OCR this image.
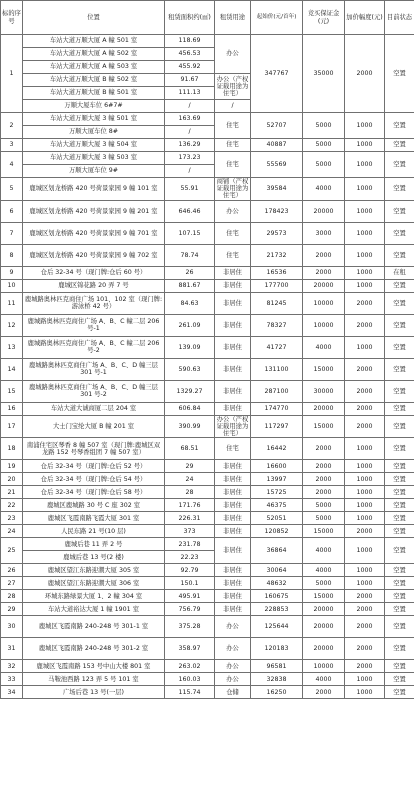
标的序号	位置	租赁面积约(㎡)	租赁用途	起始价(元/首年)	竞买保证金(元)	加价幅度(元)	目前状态
1	车站大道万顺大厦 A 幢 501 室	118.69	办公	347767	35000	2000	空置
	车站大道万顺大厦 A 幢 502 室	456.53					
	车站大道万顺大厦 A 幢 503 室	455.92					
	车站大道万顺大厦 B 幢 502 室	91.67	办公（产权证载用途为住宅）				
	车站大道万顺大厦 B 幢 501 室	111.13					
	万顺大厦车位 6#7#	/	/				
2	车站大道万顺大厦 3 幢 501 室	163.69	住宅	52707	5000	1000	空置
	万顺大厦车位 8#	/					
3	车站大道万顺大厦 3 幢 504 室	136.29	住宅	40887	5000	1000	空置
4	车站大道万顺大厦 3 幢 503 室	173.23	住宅	55569	5000	1000	空置
	万顺大厦车位 9#	/					
5	鹿城区划龙桥路 420 号荷景家园 9 幢 101 室	55.91	商铺（产权证载用途为住宅）	39584	4000	1000	空置
6	鹿城区划龙桥路 420 号荷景家园 9 幢 201 室	646.46	办公	178423	20000	1000	空置
7	鹿城区划龙桥路 420 号荷景家园 9 幢 701 室	107.15	住宅	29573	3000	1000	空置
8	鹿城区划龙桥路 420 号荷景家园 9 幢 702 室	78.74	住宅	21732	2000	1000	空置
9	仓后 32-34 号（现门牌:仓后 60 号）	26	非居住	16536	2000	1000	在租
10	鹿城区锦花路 20 弄 7 号	881.67	非居住	177700	20000	1000	空置
11	鹿城路奥林匹克商住广场 101、102 室（现门牌:游泳桥 42 号）	84.63	非居住	81245	10000	2000	空置
12	鹿城路奥林匹克商住广场 A、B、C 幢二层 206 号-1	261.09	非居住	78327	10000	2000	空置
13	鹿城路奥林匹克商住广场 A、B、C 幢二层 206 号-2	139.09	非居住	41727	4000	1000	空置
14	鹿城路奥林匹克商住广场 A、B、C、D 幢三层 301 号-1	590.63	非居住	131100	15000	2000	空置
15	鹿城路奥林匹克商住广场 A、B、C、D 幢三层 301 号-2	1329.27	非居住	287100	30000	2000	空置
16	车站大道大诚商厦二层 204 室	606.84	非居住	174770	20000	2000	空置
17	大士门宝纶大厦 B 幢 201 室	390.99	办公（产权证载用途为住宅）	117297	15000	2000	空置
18	南浦住宅区琴香 8 幢 507 室（现门牌:鹿城区双龙路 152 号琴香组团 7 幢 507 室）	68.51	住宅	16442	2000	1000	空置
19	仓后 32-34 号（现门牌:仓后 52 号）	29	非居住	16600	2000	1000	空置
20	仓后 32-34 号（现门牌:仓后 54 号）	24	非居住	13997	2000	1000	空置
21	仓后 32-34 号（现门牌:仓后 58 号）	28	非居住	15725	2000	1000	空置
22	鹿城区鹿城路 30 号 C 座 302 室	171.76	非居住	46375	5000	1000	空置
23	鹿城区飞霞南路飞霞大厦 301 室	226.31	非居住	52051	5000	1000	空置
24	人民东路 21 号(10 层)	373	非居住	120852	15000	2000	空置
25	鹿城后巷 11 弄 2 号	231.78	非居住	36864	4000	1000	空置
	鹿城后巷 13 号(2 楼)	22.23					
26	鹿城区望江东路迎潮大厦 305 室	92.79	非居住	30064	4000	1000	空置
27	鹿城区望江东路迎潮大厦 306 室	150.1	非居住	48632	5000	1000	空置
28	环城东路绿景大厦 1、2 幢 304 室	495.91	非居住	160675	15000	2000	空置
29	车站大道裕达大厦 1 幢 1901 室	756.79	非居住	228853	20000	2000	空置
30	鹿城区飞霞南路 240-248 号 301-1 室	375.28	办公	125644	20000	2000	空置
31	鹿城区飞霞南路 240-248 号 301-2 室	358.97	办公	120183	20000	2000	空置
32	鹿城区飞霞南路 153 号中山大楼 801 室	263.02	办公	96581	10000	2000	空置
33	马鞍池西路 123 弄 5 号 101 室	160.03	办公	32838	4000	1000	空置
34	广场后巷 13 号(一层)	115.74	仓储	16250	2000	1000	空置
